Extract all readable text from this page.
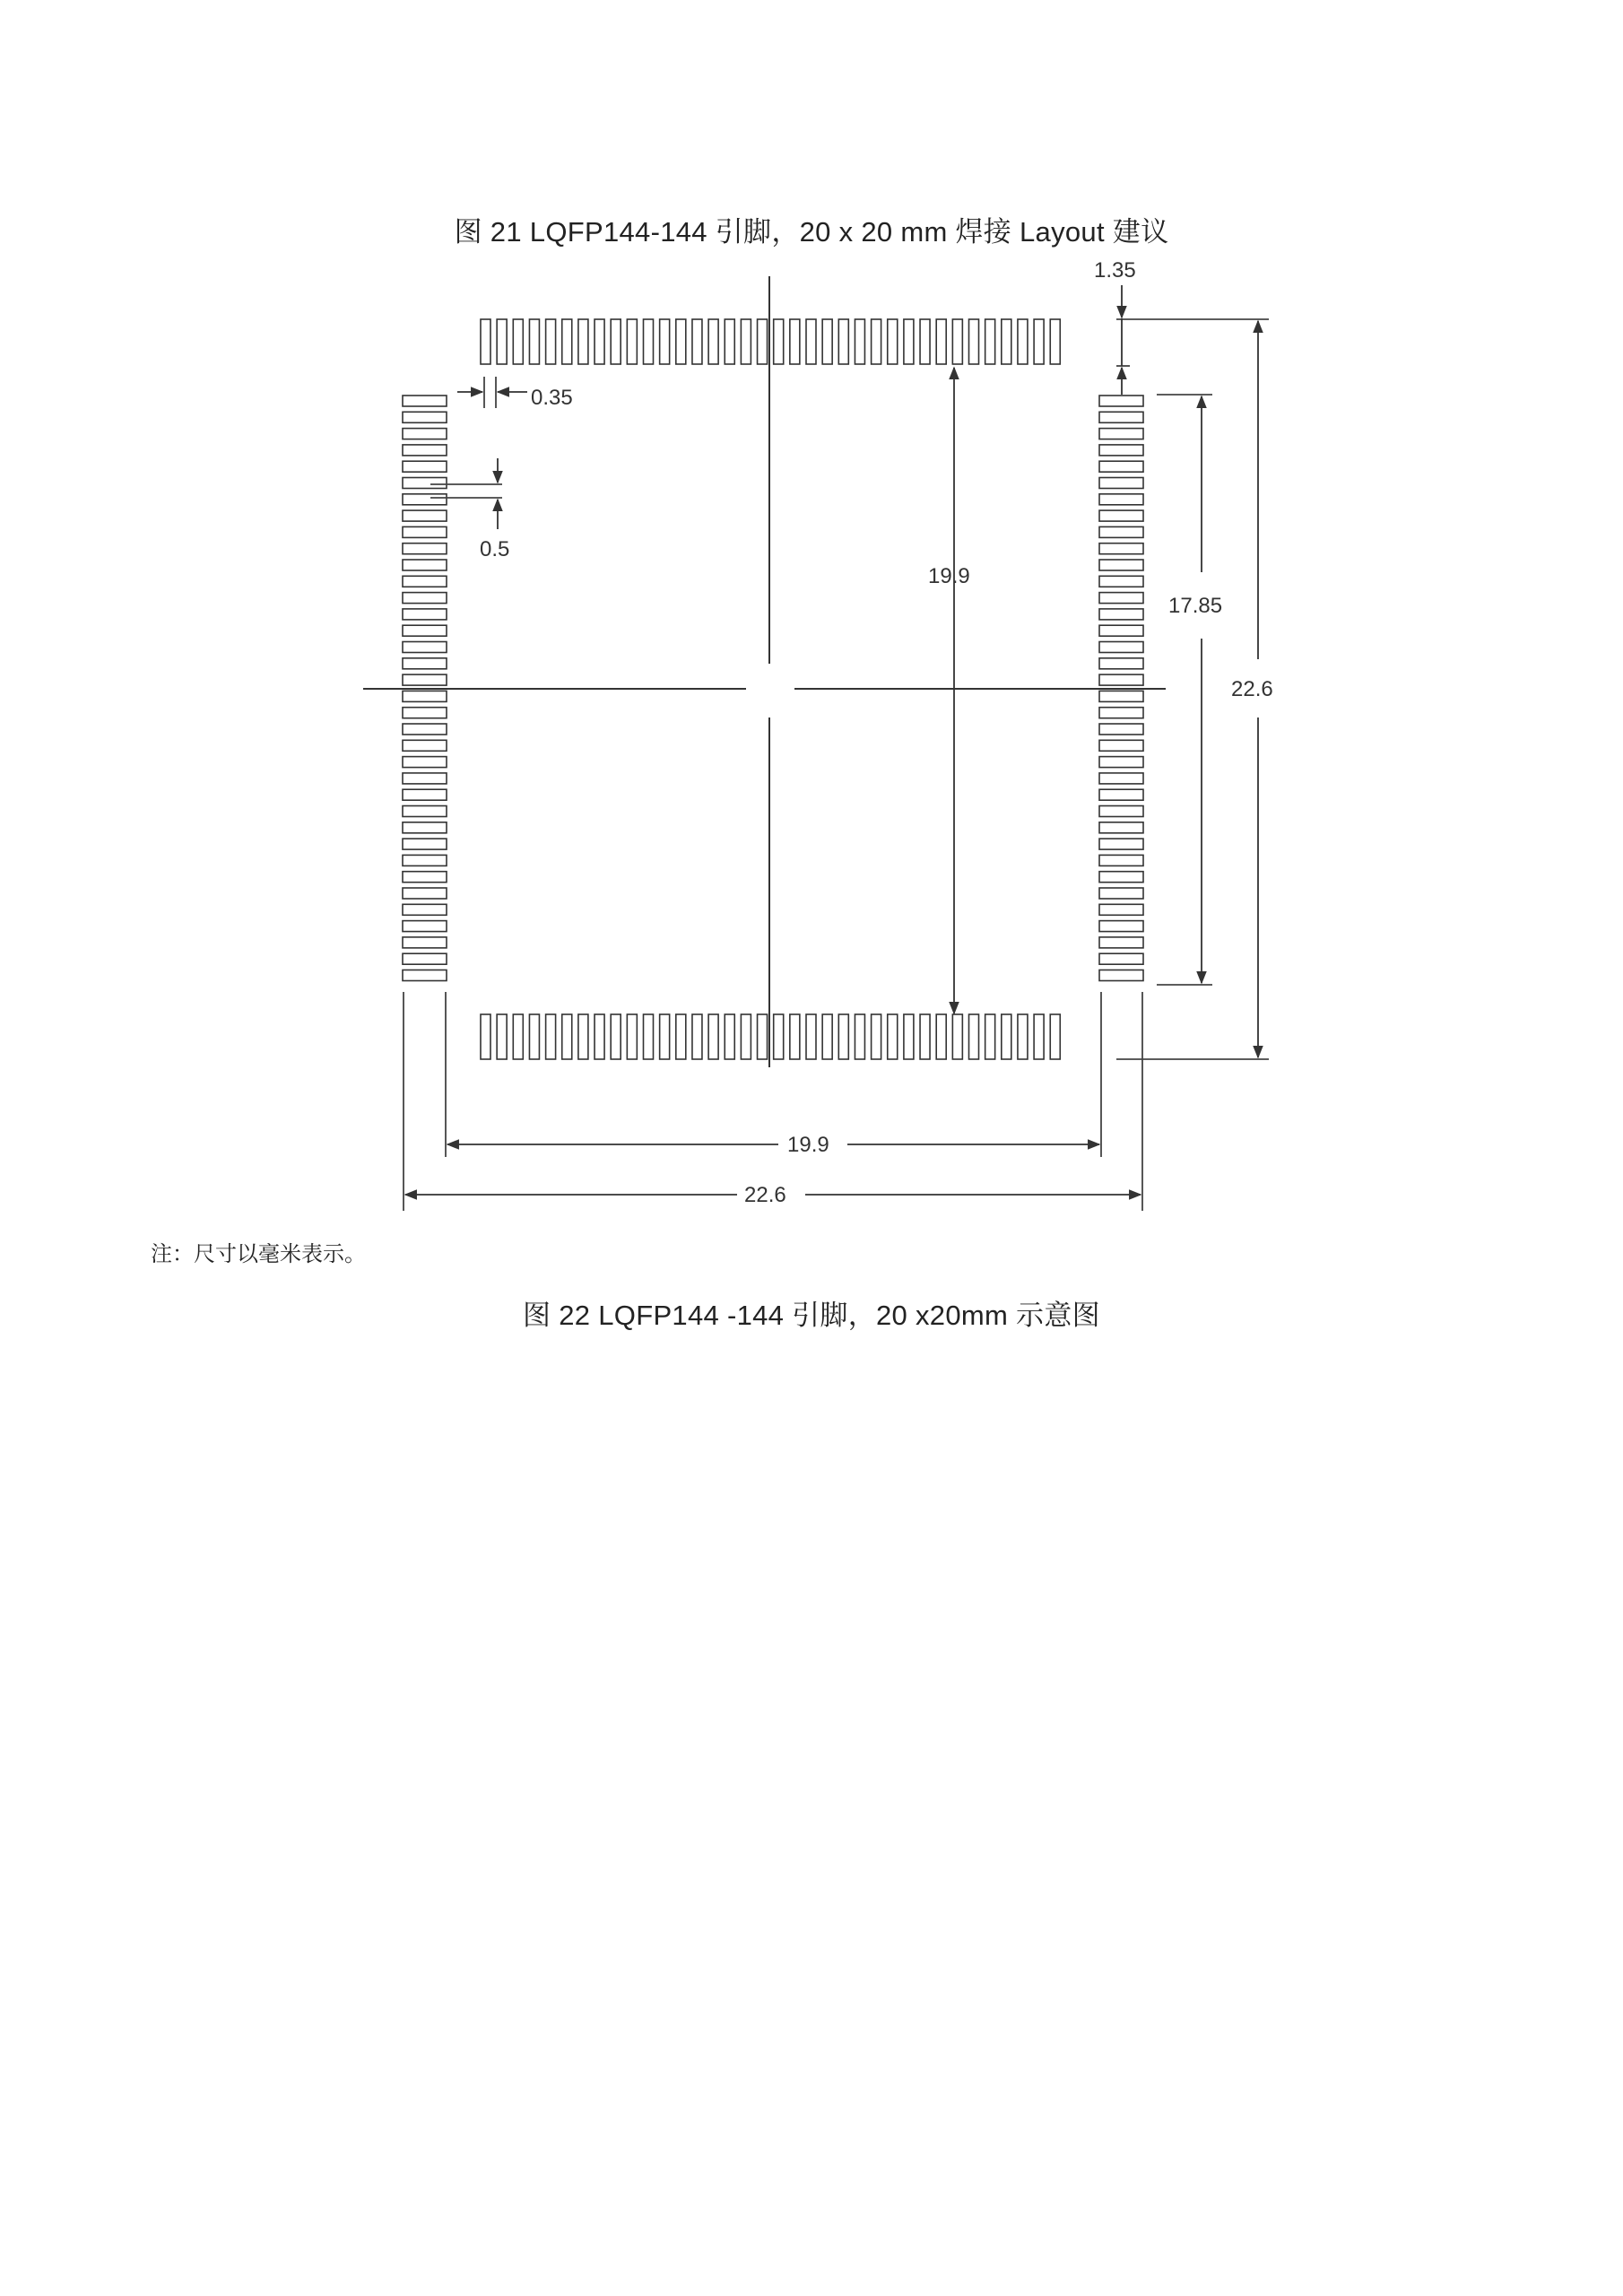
图 21 LQFP144-144 引脚，20 x 20 mm 焊接 Layout 建议
1.35
0.35
0.5
19.9
17.85
22.6
19.9
22.6
注：尺寸以毫米表示。
图 22 LQFP144 -144 引脚，20 x20mm 示意图
